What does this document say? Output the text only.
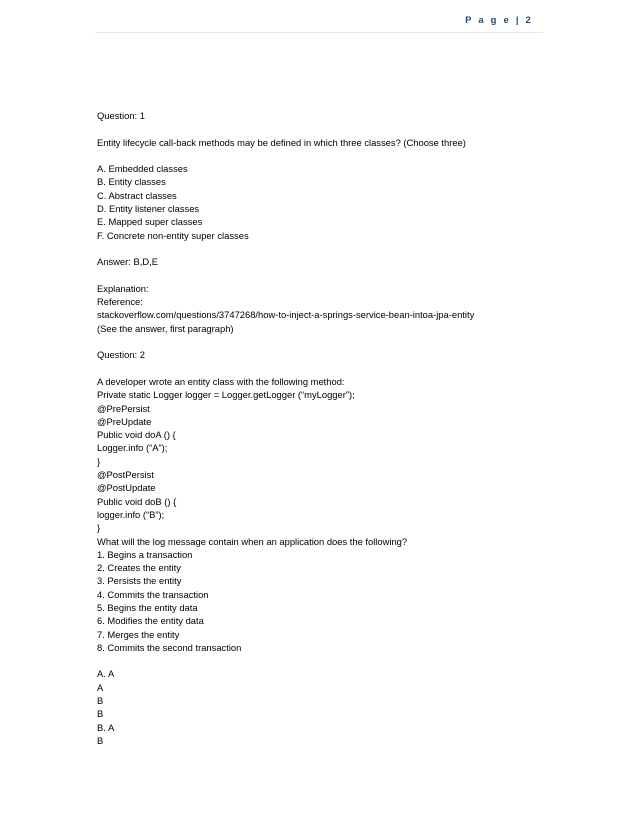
P a g e | 2
Question: 1
Entity lifecycle call-back methods may be defined in which three classes? (Choose three)
A. Embedded classes
B. Entity classes
C. Abstract classes
D. Entity listener classes
E. Mapped super classes
F. Concrete non-entity super classes
Answer: B,D,E
Explanation:
Reference:
stackoverflow.com/questions/3747268/how-to-inject-a-springs-service-bean-intoa-jpa-entity
(See the answer, first paragraph)
Question: 2
A developer wrote an entity class with the following method:
Private static Logger logger = Logger.getLogger (“myLogger”);
@PrePersist
@PreUpdate
Public void doA () {
Logger.info (“A”);
}
@PostPersist
@PostUpdate
Public void doB () {
logger.info (“B”);
}
What will the log message contain when an application does the following?
1. Begins a transaction
2. Creates the entity
3. Persists the entity
4. Commits the transaction
5. Begins the entity data
6. Modifies the entity data
7. Merges the entity
8. Commits the second transaction
A. A
A
B
B
B. A
B
